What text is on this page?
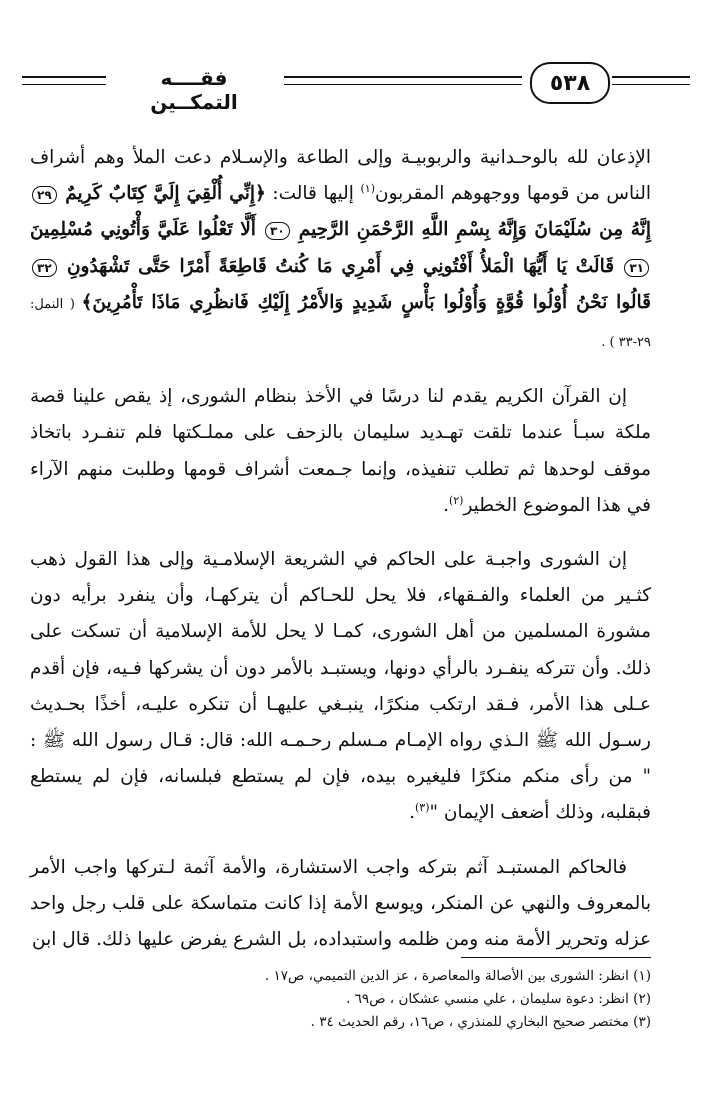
٥٣٨
فقــــه التمكــين

الإذعان لله بالوحـدانية والربوبيـة وإلى الطاعة والإسـلام دعت الملأ وهم أشراف الناس من قومها ووجهوهم المقربون$^{(١)}$ إليها قالت: ﴿إِنِّي أُلْقِيَ إِلَيَّ كِتَابٌ كَرِيمٌ ٢٩ إِنَّهُ مِن سُلَيْمَانَ وَإِنَّهُ بِسْمِ اللَّهِ الرَّحْمَنِ الرَّحِيمِ ٣٠ أَلَّا تَعْلُوا عَلَيَّ وَأْتُونِي مُسْلِمِينَ ٣١ قَالَتْ يَا أَيُّهَا الْمَلأُ أَفْتُونِي فِي أَمْرِي مَا كُنتُ قَاطِعَةً أَمْرًا حَتَّى تَشْهَدُونِ ٣٢ قَالُوا نَحْنُ أُوْلُوا قُوَّةٍ وَأُوْلُوا بَأْسٍ شَدِيدٍ وَالأَمْرُ إِلَيْكِ فَانظُرِي مَاذَا تَأْمُرِينَ﴾ ( النمل: ٢٩-٣٣ ) .

إن القرآن الكريم يقدم لنا درسًا في الأخذ بنظام الشورى، إذ يقص علينا قصة ملكة سبـأ عندما تلقت تهـديد سليمان بالزحف على مملـكتها فلم تنفـرد باتخاذ موقف لوحدها ثم تطلب تنفيذه، وإنما جـمعت أشراف قومها وطلبت منهم الآراء في هذا الموضوع الخطير$^{(٢)}$.

إن الشورى واجبـة على الحاكم في الشريعة الإسلامـية وإلى هذا القول ذهب كثـير من العلماء والفـقهاء، فلا يحل للحـاكم أن يتركهـا، وأن ينفرد برأيه دون مشورة المسلمين من أهل الشورى، كمـا لا يحل للأمة الإسلامية أن تسكت على ذلك. وأن تتركه ينفـرد بالرأي دونها، ويستبـد بالأمر دون أن يشركها فـيه، فإن أقدم عـلى هذا الأمر، فـقد ارتكب منكرًا، ينبـغي عليهـا أن تنكره عليـه، أخذًا بحـديث رسـول الله ﷺ الـذي رواه الإمـام مـسلم رحـمـه الله: قال: قـال رسول الله ﷺ : " من رأى منكم منكرًا فليغيره بيده، فإن لم يستطع فبلسانه، فإن لم يستطع فبقلبه، وذلك أضعف الإيمان "$^{(٣)}$.

فالحاكم المستبـد آثم بتركه واجب الاستشارة، والأمة آثمة لـتركها واجب الأمر بالمعروف والنهي عن المنكر، ويوسع الأمة إذا كانت متماسكة على قلب رجل واحد عزله وتحرير الأمة منه ومن ظلمه واستبداده، بل الشرع يفرض عليها ذلك. قال ابن

(١) انظر: الشورى بين الأصالة والمعاصرة ، عز الدين التميمي، ص١٧ .
(٢) انظر: دعوة سليمان ، علي منسي عشكان ، ص٦٩ .
(٣) مختصر صحيح البخاري للمنذري ، ص١٦، رقم الحديث ٣٤ .
